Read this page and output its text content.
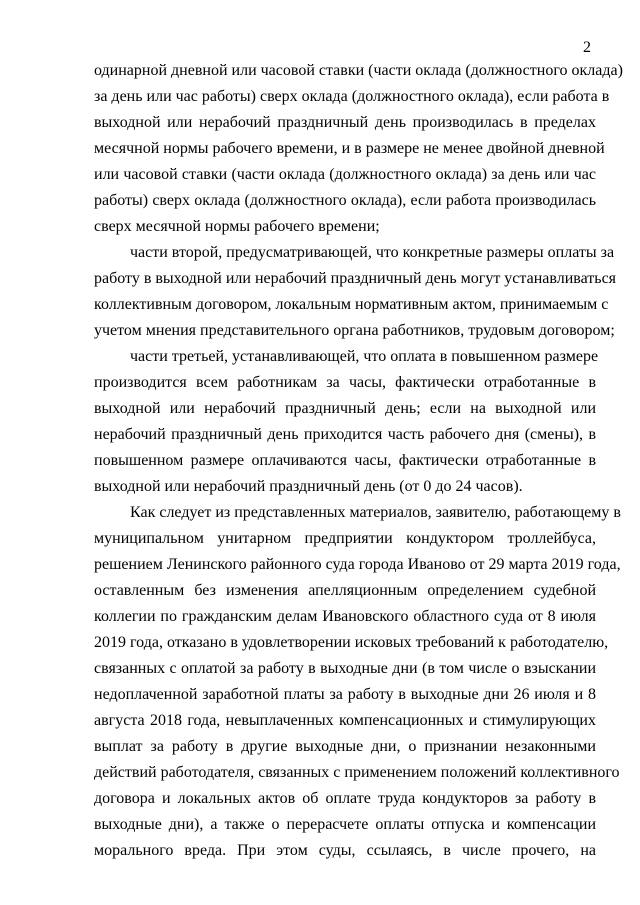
2
одинарной дневной или часовой ставки (части оклада (должностного оклада)
за день или час работы) сверх оклада (должностного оклада), если работа в
выходной или нерабочий праздничный день производилась в пределах
месячной нормы рабочего времени, и в размере не менее двойной дневной
или часовой ставки (части оклада (должностного оклада) за день или час
работы) сверх оклада (должностного оклада), если работа производилась
сверх месячной нормы рабочего времени;
части второй, предусматривающей, что конкретные размеры оплаты за
работу в выходной или нерабочий праздничный день могут устанавливаться
коллективным договором, локальным нормативным актом, принимаемым с
учетом мнения представительного органа работников, трудовым договором;
части третьей, устанавливающей, что оплата в повышенном размере
производится всем работникам за часы, фактически отработанные в
выходной или нерабочий праздничный день; если на выходной или
нерабочий праздничный день приходится часть рабочего дня (смены), в
повышенном размере оплачиваются часы, фактически отработанные в
выходной или нерабочий праздничный день (от 0 до 24 часов).
Как следует из представленных материалов, заявителю, работающему в
муниципальном унитарном предприятии кондуктором троллейбуса,
решением Ленинского районного суда города Иваново от 29 марта 2019 года,
оставленным без изменения апелляционным определением судебной
коллегии по гражданским делам Ивановского областного суда от 8 июля
2019 года, отказано в удовлетворении исковых требований к работодателю,
связанных с оплатой за работу в выходные дни (в том числе о взыскании
недоплаченной заработной платы за работу в выходные дни 26 июля и 8
августа 2018 года, невыплаченных компенсационных и стимулирующих
выплат за работу в другие выходные дни, о признании незаконными
действий работодателя, связанных с применением положений коллективного
договора и локальных актов об оплате труда кондукторов за работу в
выходные дни), а также о перерасчете оплаты отпуска и компенсации
морального вреда. При этом суды, ссылаясь, в числе прочего, на
